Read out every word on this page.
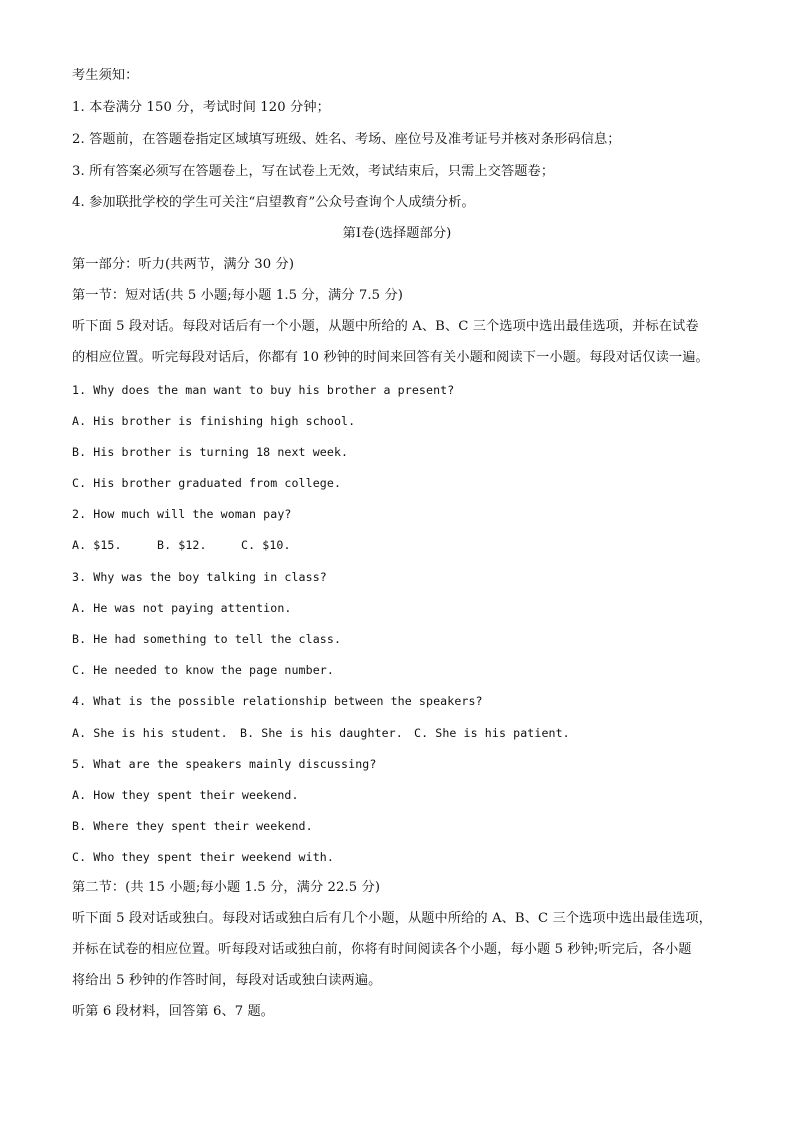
考生须知：
1. 本卷满分 150 分，考试时间 120 分钟；
2. 答题前，在答题卷指定区域填写班级、姓名、考场、座位号及准考证号并核对条形码信息；
3. 所有答案必须写在答题卷上，写在试卷上无效，考试结束后，只需上交答题卷；
4. 参加联批学校的学生可关注“启望教育”公众号查询个人成绩分析。
第Ⅰ卷(选择题部分)
第一部分：听力(共两节，满分 30 分)
第一节：短对话(共 5 小题;每小题 1.5 分，满分 7.5 分)
听下面 5 段对话。每段对话后有一个小题，从题中所给的 A、B、C 三个选项中选出最佳选项，并标在试卷
的相应位置。听完每段对话后，你都有 10 秒钟的时间来回答有关小题和阅读下一小题。每段对话仅读一遍。
1. Why does the man want to buy his brother a present?
A. His brother is finishing high school.
B. His brother is turning 18 next week.
C. His brother graduated from college.
2. How much will the woman pay?
A. $15.	B. $12.	C. $10.
3. Why was the boy talking in class?
A. He was not paying attention.
B. He had something to tell the class.
C. He needed to know the page number.
4. What is the possible relationship between the speakers?
A. She is his student. B. She is his daughter. C. She is his patient.
5. What are the speakers mainly discussing?
A. How they spent their weekend.
B. Where they spent their weekend.
C. Who they spent their weekend with.
第二节：(共 15 小题;每小题 1.5 分，满分 22.5 分)
听下面 5 段对话或独白。每段对话或独白后有几个小题，从题中所给的 A、B、C 三个选项中选出最佳选项，
并标在试卷的相应位置。听每段对话或独白前，你将有时间阅读各个小题，每小题 5 秒钟;听完后，各小题
将给出 5 秒钟的作答时间，每段对话或独白读两遍。
听第 6 段材料，回答第 6、7 题。
